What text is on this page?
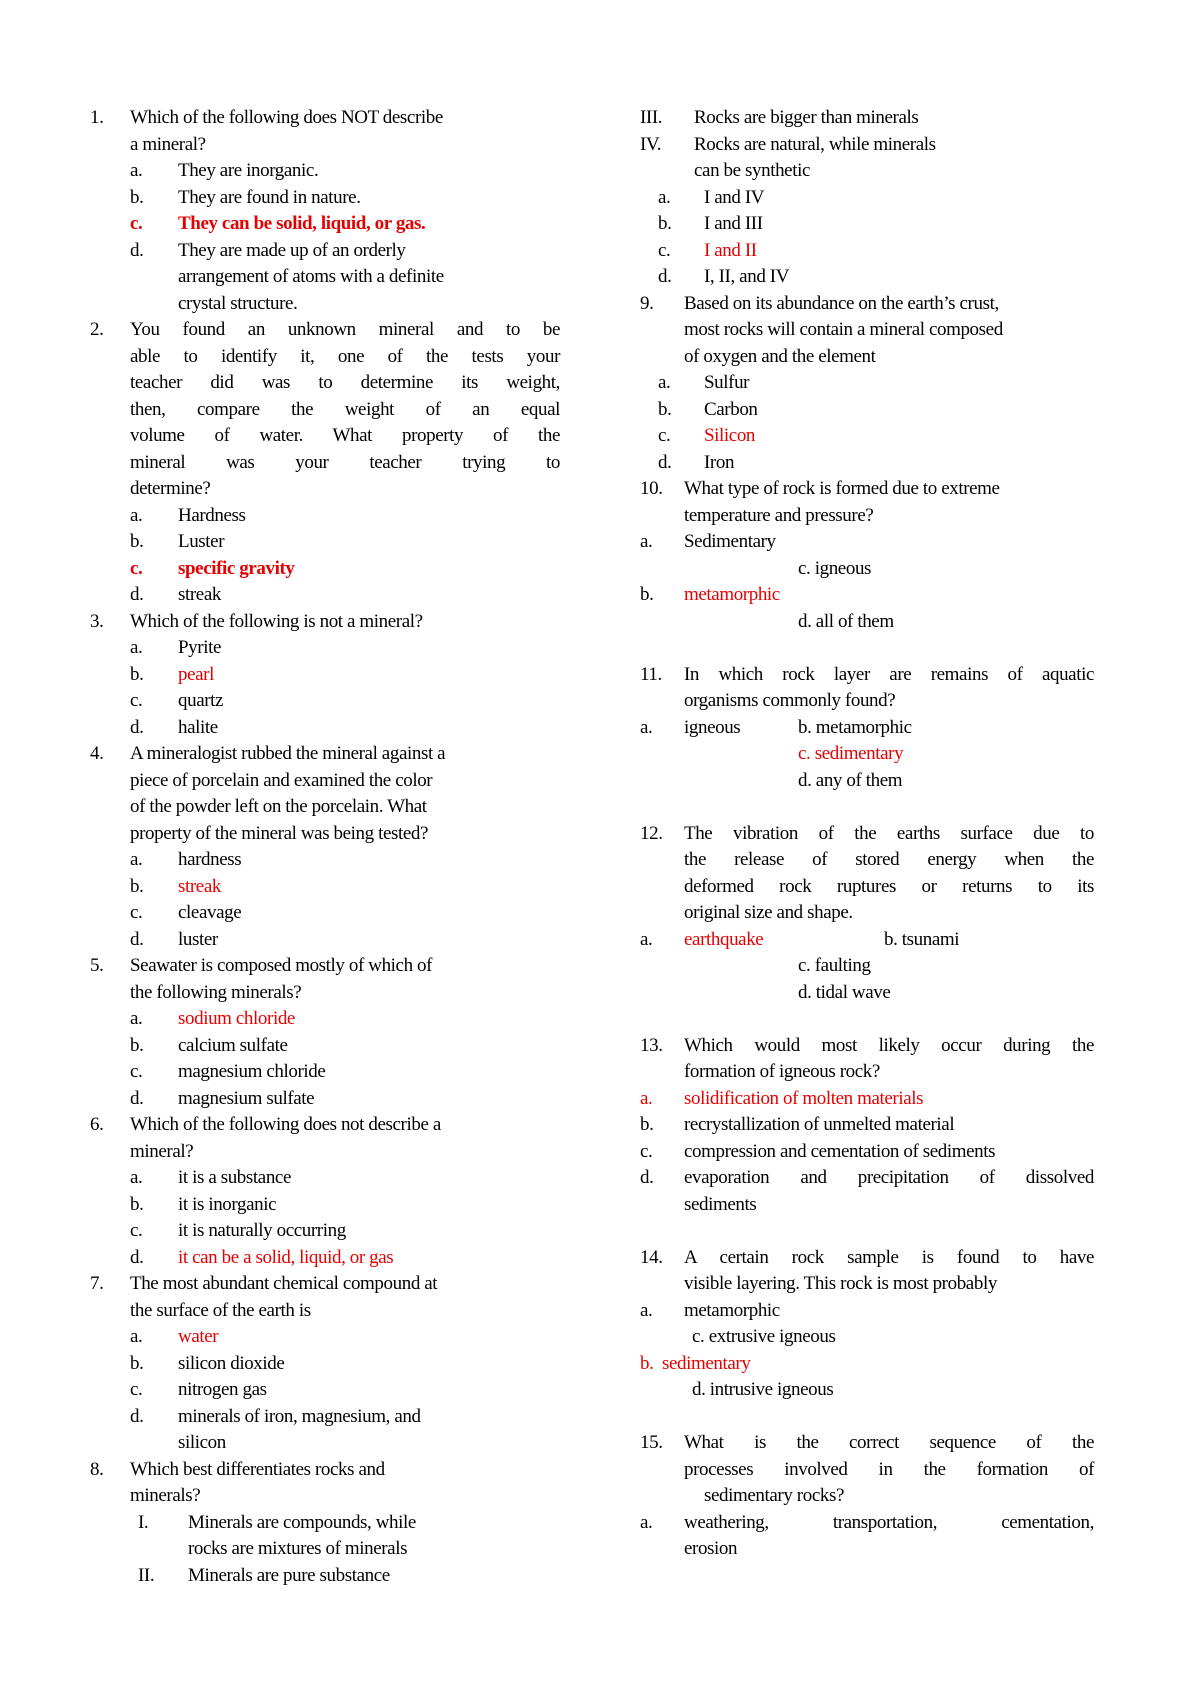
1. Which of the following does NOT describe
a mineral?
a. They are inorganic.
b. They are found in nature.
c. They can be solid, liquid, or gas.
d. They are made up of an orderly
arrangement of atoms with a definite
crystal structure.
2. You found an unknown mineral and to be
able to identify it, one of the tests your
teacher did was to determine its weight,
then, compare the weight of an equal
volume of water. What property of the
mineral was your teacher trying to
determine?
a. Hardness
b. Luster
c. specific gravity
d. streak
3. Which of the following is not a mineral?
a. Pyrite
b. pearl
c. quartz
d. halite
4. A mineralogist rubbed the mineral against a
piece of porcelain and examined the color
of the powder left on the porcelain. What
property of the mineral was being tested?
a. hardness
b. streak
c. cleavage
d. luster
5. Seawater is composed mostly of which of
the following minerals?
a. sodium chloride
b. calcium sulfate
c. magnesium chloride
d. magnesium sulfate
6. Which of the following does not describe a
mineral?
a. it is a substance
b. it is inorganic
c. it is naturally occurring
d. it can be a solid, liquid, or gas
7. The most abundant chemical compound at
the surface of the earth is
a. water
b. silicon dioxide
c. nitrogen gas
d. minerals of iron, magnesium, and
silicon
8. Which best differentiates rocks and
minerals?
I. Minerals are compounds, while
rocks are mixtures of minerals
II. Minerals are pure substance
III. Rocks are bigger than minerals
IV. Rocks are natural, while minerals
can be synthetic
a. I and IV
b. I and III
c. I and II
d. I, II, and IV
9. Based on its abundance on the earth’s crust,
most rocks will contain a mineral composed
of oxygen and the element
a. Sulfur
b. Carbon
c. Silicon
d. Iron
10. What type of rock is formed due to extreme
temperature and pressure?
a. Sedimentary
c. igneous
b. metamorphic
d. all of them
11. In which rock layer are remains of aquatic
organisms commonly found?
a. igneous	b. metamorphic
c. sedimentary
d. any of them
12. The vibration of the earths surface due to
the release of stored energy when the
deformed rock ruptures or returns to its
original size and shape.
a. earthquake	b. tsunami
c. faulting
d. tidal wave
13. Which would most likely occur during the
formation of igneous rock?
a. solidification of molten materials
b. recrystallization of unmelted material
c. compression and cementation of sediments
d. evaporation and precipitation of dissolved
sediments
14. A certain rock sample is found to have
visible layering. This rock is most probably
a. metamorphic
c. extrusive igneous
b. sedimentary
d. intrusive igneous
15. What is the correct sequence of the
processes involved in the formation of
sedimentary rocks?
a. weathering, transportation, cementation,
erosion
